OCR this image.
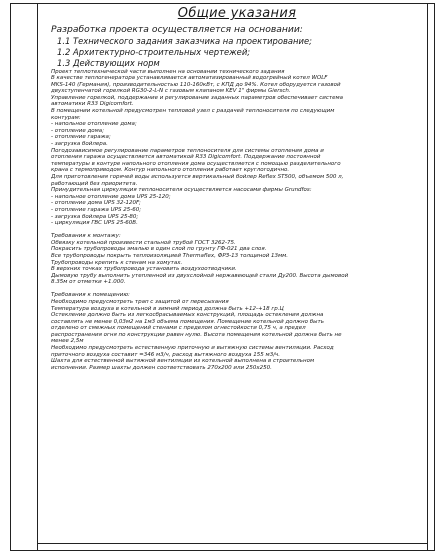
Общие указания
Разработка проекта осуществляется на основании:
1.1 Технического задания заказчика на проектирование;
1.2 Архитектурно-строительных чертежей;
1.3 Действующих норм
Проект теплотехнической части выполнен на основании технического задания
В качестве теплогенератора устанавливается автоматизированный водогрейный котел WOLF
MKS-140 (Германия), производительностью 110-160кВт, с КПД до 94%. Котел оборудуется газовой
двухступенчатой горелкой RG30-2-L-N с газовым клапаном KEV 1" фирмы Giersch.
Управление горелкой, поддержание и регулирование заданных параметров обеспечивает система
автоматики R33 Digicomfort.
В помещении котельной предусмотрен тепловой узел с раздачей теплоносителя по следующим
контурам:
- напольное отопление дома;
- отопление дома;
- отопление гаража;
- загрузка бойлера.
Погодозависимое регулирование параметров теплоносителя для системы отопления дома и
отопления гаража осуществляется автоматикой R33 Digicomfort. Поддержание постоянной
температуры в контуре напольного отопления дома осуществляется с помощью разделительного
крана с термоприводом. Контур напольного отопления работает круглогодично.
Для приготовления горячей воды используется вертикальный бойлер Reflex ST500, объемом 500 л,
работающий без приоритета.
Принудительная циркуляция теплоносителя осуществляется насосами фирмы Grundfos:
- напольное отопление дома UPS 25-120;
- отопление дома UPS 32-120F;
- отопление гаража UPS 25-60;
- загрузка бойлера UPS 25-80;
- циркуляция ГВС UPS 25-60В.
Требования к монтажу:
Обвязку котельной произвести стальной трубой ГОСТ 3262-75.
Покрасить трубопроводы эмалью в один слой по грунту ГФ-021 два слоя.
Все трубопроводы покрыть теплоизоляцией Thermaflex, ФРЗ-13 толщиной 13мм.
Трубопроводы крепить к стенам на хомутах.
В верхних точках трубопровода установить воздухоотводчики.
Дымовую трубу выполнить утепленной из двухслойной нержавеющей стали Ду200. Высота дымовой
8.35м от отметки +1.000.
Требования к помещению:
Необходимо предусмотреть трап с защитой от пересыхания
Температура воздуха в котельной в зимний период должна быть +12-+18 гр.Ц
Остекление должно быть из легкосбрасываемых конструкций, площадь остекления должна
составлять не менее 0,03м2 на 1м3 объема помещения. Помещение котельной должно быть
отделено от смежных помещений стенами с пределом огнестойкости 0,75 ч, а предел
распространения огня по конструкции равен нулю. Высота помещения котельной должна быть не
менее 2,5м
Необходимо предусмотреть естественную приточную и вытяжную системы вентиляции. Расход
приточного воздуха составит =346 м3/ч, расход вытяжного воздуха 155 м3/ч.
Шахта для естественной вытяжной вентиляции из котельной выполнена в строительном
исполнении. Размер шахты должен соответствовать 270х200 или 250х250.
